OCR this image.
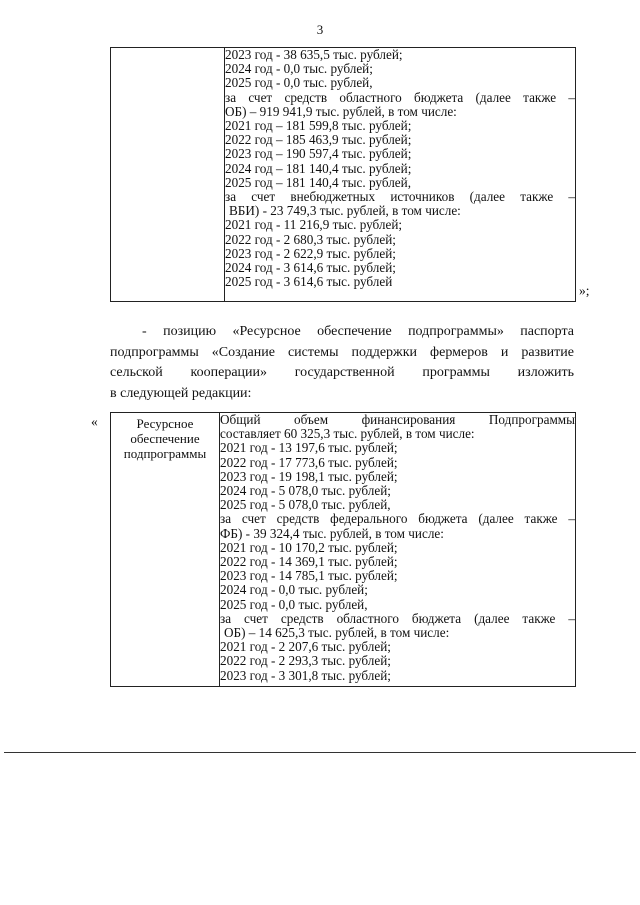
3

2023 год - 38 635,5 тыс. рублей;
2024 год - 0,0 тыс. рублей;
2025 год - 0,0 тыс. рублей,
за счет средств областного бюджета (далее также –
ОБ) – 919 941,9 тыс. рублей, в том числе:
2021 год – 181 599,8 тыс. рублей;
2022 год – 185 463,9 тыс. рублей;
2023 год – 190 597,4 тыс. рублей;
2024 год – 181 140,4 тыс. рублей;
2025 год – 181 140,4 тыс. рублей,
за счет внебюджетных источников (далее также –
ВБИ) - 23 749,3 тыс. рублей, в том числе:
2021 год - 11 216,9 тыс. рублей;
2022 год - 2 680,3 тыс. рублей;
2023 год - 2 622,9 тыс. рублей;
2024 год - 3 614,6 тыс. рублей;
2025 год - 3 614,6 тыс. рублей
»;
- позицию «Ресурсное обеспечение подпрограммы» паспорта
подпрограммы «Создание системы поддержки фермеров и развитие
сельской кооперации» государственной программы изложить
в следующей редакции:
«	Ресурсное
обеспечение
подпрограммы

Общий объем финансирования Подпрограммы
составляет 60 325,3 тыс. рублей, в том числе:
2021 год - 13 197,6 тыс. рублей;
2022 год - 17 773,6 тыс. рублей;
2023 год - 19 198,1 тыс. рублей;
2024 год - 5 078,0 тыс. рублей;
2025 год - 5 078,0 тыс. рублей,
за счет средств федерального бюджета (далее также –
ФБ) - 39 324,4 тыс. рублей, в том числе:
2021 год - 10 170,2 тыс. рублей;
2022 год - 14 369,1 тыс. рублей;
2023 год - 14 785,1 тыс. рублей;
2024 год - 0,0 тыс. рублей;
2025 год - 0,0 тыс. рублей,
за счет средств областного бюджета (далее также –
ОБ) – 14 625,3 тыс. рублей, в том числе:
2021 год - 2 207,6 тыс. рублей;
2022 год - 2 293,3 тыс. рублей;
2023 год - 3 301,8 тыс. рублей;
